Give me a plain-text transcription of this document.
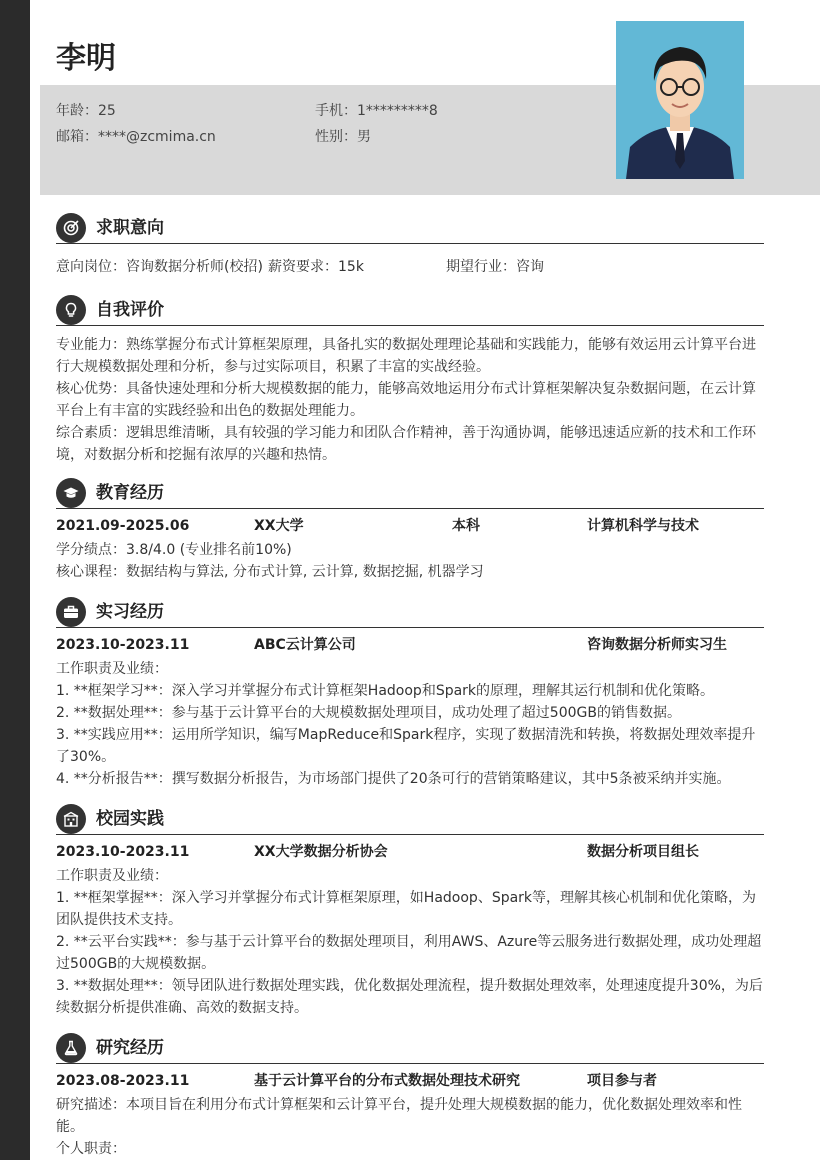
李明
年龄：25	手机：1*********8
邮箱：****@zcmima.cn	性别：男
求职意向
意向岗位：咨询数据分析师(校招) 薪资要求：15k	期望行业：咨询
自我评价

专业能力：熟练掌握分布式计算框架原理，具备扎实的数据处理理论基础和实践能力，能够有效运用云计算平台进行大规模数据处理和分析，参与过实际项目，积累了丰富的实战经验。

核心优势：具备快速处理和分析大规模数据的能力，能够高效地运用分布式计算框架解决复杂数据问题，在云计算平台上有丰富的实践经验和出色的数据处理能力。

综合素质：逻辑思维清晰，具有较强的学习能力和团队合作精神，善于沟通协调，能够迅速适应新的技术和工作环境，对数据分析和挖掘有浓厚的兴趣和热情。

教育经历
2021.09-2025.06	XX大学	本科	计算机科学与技术

学分绩点：3.8/4.0 (专业排名前10%)

核心课程：数据结构与算法, 分布式计算, 云计算, 数据挖掘, 机器学习

实习经历
2023.10-2023.11	ABC云计算公司	咨询数据分析师实习生

工作职责及业绩：

1. **框架学习**：深入学习并掌握分布式计算框架Hadoop和Spark的原理，理解其运行机制和优化策略。

2. **数据处理**：参与基于云计算平台的大规模数据处理项目，成功处理了超过500GB的销售数据。

3. **实践应用**：运用所学知识，编写MapReduce和Spark程序，实现了数据清洗和转换，将数据处理效率提升了30%。

4. **分析报告**：撰写数据分析报告，为市场部门提供了20条可行的营销策略建议，其中5条被采纳并实施。

校园实践
2023.10-2023.11	XX大学数据分析协会	数据分析项目组长

工作职责及业绩：

1. **框架掌握**：深入学习并掌握分布式计算框架原理，如Hadoop、Spark等，理解其核心机制和优化策略，为团队提供技术支持。

2. **云平台实践**：参与基于云计算平台的数据处理项目，利用AWS、Azure等云服务进行数据处理，成功处理超过500GB的大规模数据。

3. **数据处理**：领导团队进行数据处理实践，优化数据处理流程，提升数据处理效率，处理速度提升30%，为后续数据分析提供准确、高效的数据支持。

研究经历
2023.08-2023.11	基于云计算平台的分布式数据处理技术研究	项目参与者

研究描述：本项目旨在利用分布式计算框架和云计算平台，提升处理大规模数据的能力，优化数据处理效率和性能。

个人职责：
